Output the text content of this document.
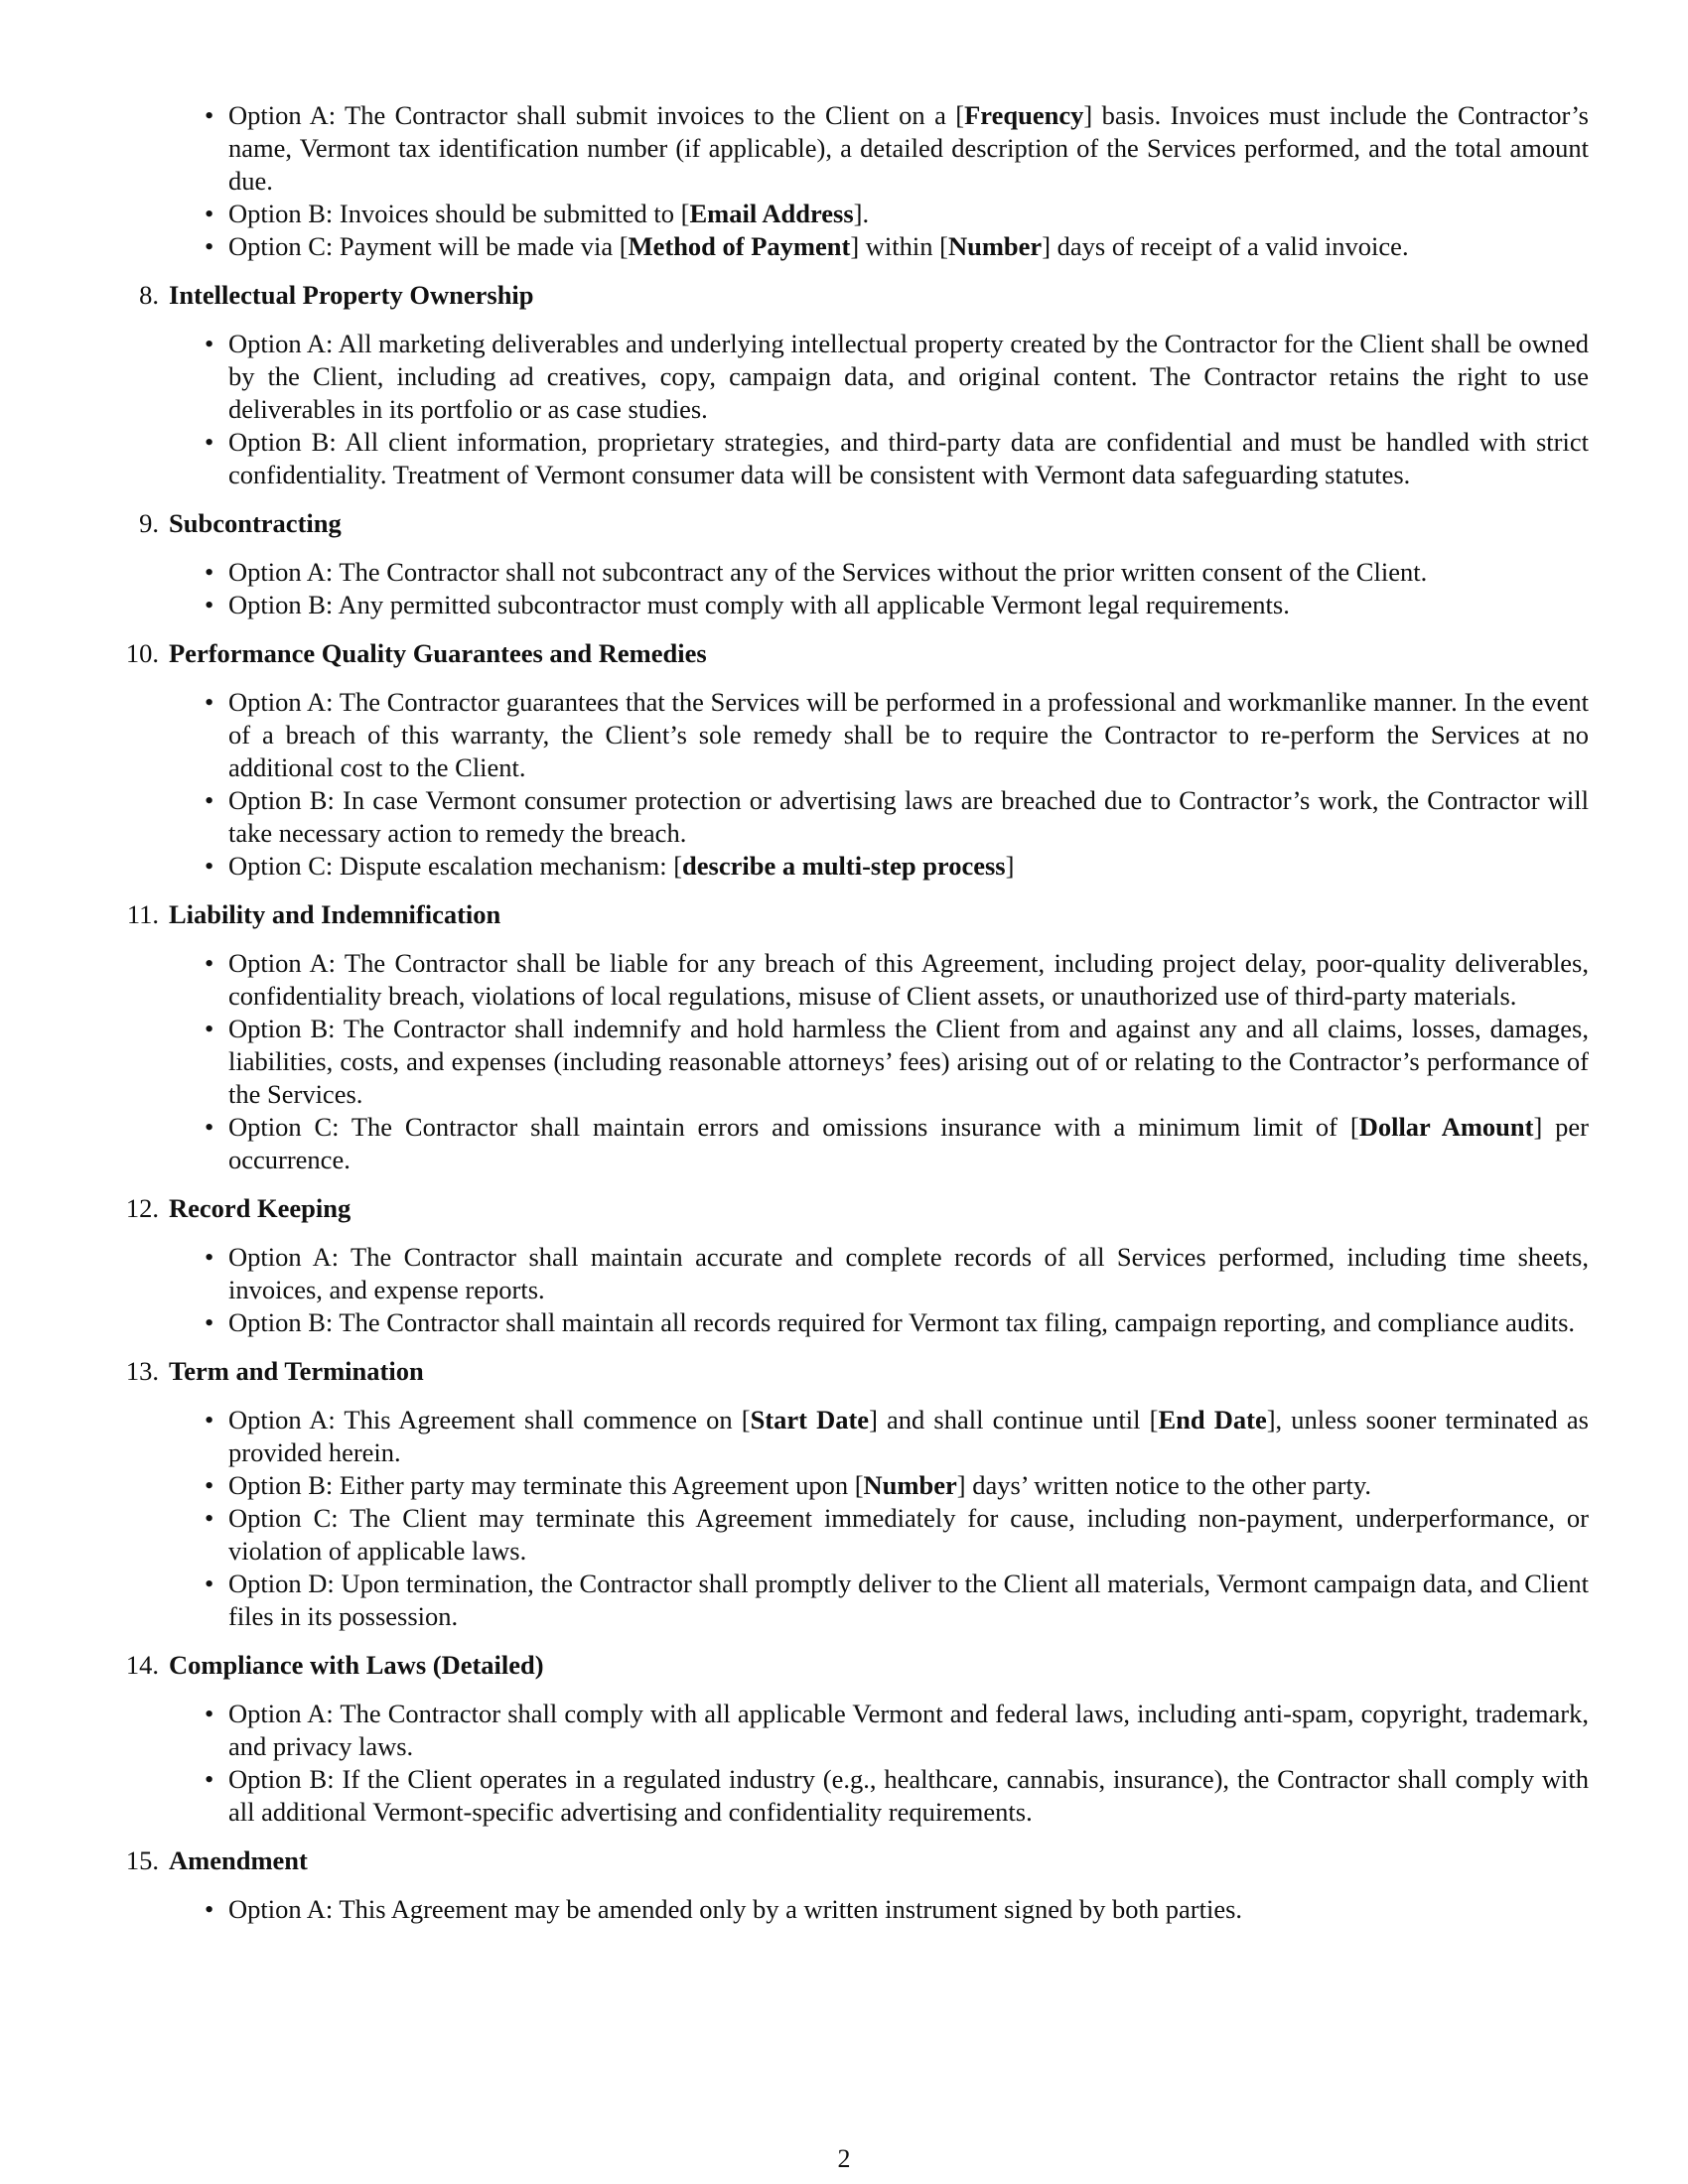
• Option A: The Contractor shall submit invoices to the Client on a [Frequency] basis. Invoices must include the Contractor’s name, Vermont tax identification number (if applicable), a detailed description of the Services performed, and the total amount due.
• Option B: Invoices should be submitted to [Email Address].
• Option C: Payment will be made via [Method of Payment] within [Number] days of receipt of a valid invoice.
8. Intellectual Property Ownership
• Option A: All marketing deliverables and underlying intellectual property created by the Contractor for the Client shall be owned by the Client, including ad creatives, copy, campaign data, and original content. The Contractor retains the right to use deliverables in its portfolio or as case studies.
• Option B: All client information, proprietary strategies, and third-party data are confidential and must be handled with strict confidentiality. Treatment of Vermont consumer data will be consistent with Vermont data safeguarding statutes.
9. Subcontracting
• Option A: The Contractor shall not subcontract any of the Services without the prior written consent of the Client.
• Option B: Any permitted subcontractor must comply with all applicable Vermont legal requirements.
10. Performance Quality Guarantees and Remedies
• Option A: The Contractor guarantees that the Services will be performed in a professional and workmanlike manner. In the event of a breach of this warranty, the Client’s sole remedy shall be to require the Contractor to re-perform the Services at no additional cost to the Client.
• Option B: In case Vermont consumer protection or advertising laws are breached due to Contractor’s work, the Contractor will take necessary action to remedy the breach.
• Option C: Dispute escalation mechanism: [describe a multi-step process]
11. Liability and Indemnification
• Option A: The Contractor shall be liable for any breach of this Agreement, including project delay, poor-quality deliverables, confidentiality breach, violations of local regulations, misuse of Client assets, or unauthorized use of third-party materials.
• Option B: The Contractor shall indemnify and hold harmless the Client from and against any and all claims, losses, damages, liabilities, costs, and expenses (including reasonable attorneys’ fees) arising out of or relating to the Contractor’s performance of the Services.
• Option C: The Contractor shall maintain errors and omissions insurance with a minimum limit of [Dollar Amount] per occurrence.
12. Record Keeping
• Option A: The Contractor shall maintain accurate and complete records of all Services performed, including time sheets, invoices, and expense reports.
• Option B: The Contractor shall maintain all records required for Vermont tax filing, campaign reporting, and compliance audits.
13. Term and Termination
• Option A: This Agreement shall commence on [Start Date] and shall continue until [End Date], unless sooner terminated as provided herein.
• Option B: Either party may terminate this Agreement upon [Number] days’ written notice to the other party.
• Option C: The Client may terminate this Agreement immediately for cause, including non-payment, underperformance, or violation of applicable laws.
• Option D: Upon termination, the Contractor shall promptly deliver to the Client all materials, Vermont campaign data, and Client files in its possession.
14. Compliance with Laws (Detailed)
• Option A: The Contractor shall comply with all applicable Vermont and federal laws, including anti-spam, copyright, trademark, and privacy laws.
• Option B: If the Client operates in a regulated industry (e.g., healthcare, cannabis, insurance), the Contractor shall comply with all additional Vermont-specific advertising and confidentiality requirements.
15. Amendment
• Option A: This Agreement may be amended only by a written instrument signed by both parties.
2
